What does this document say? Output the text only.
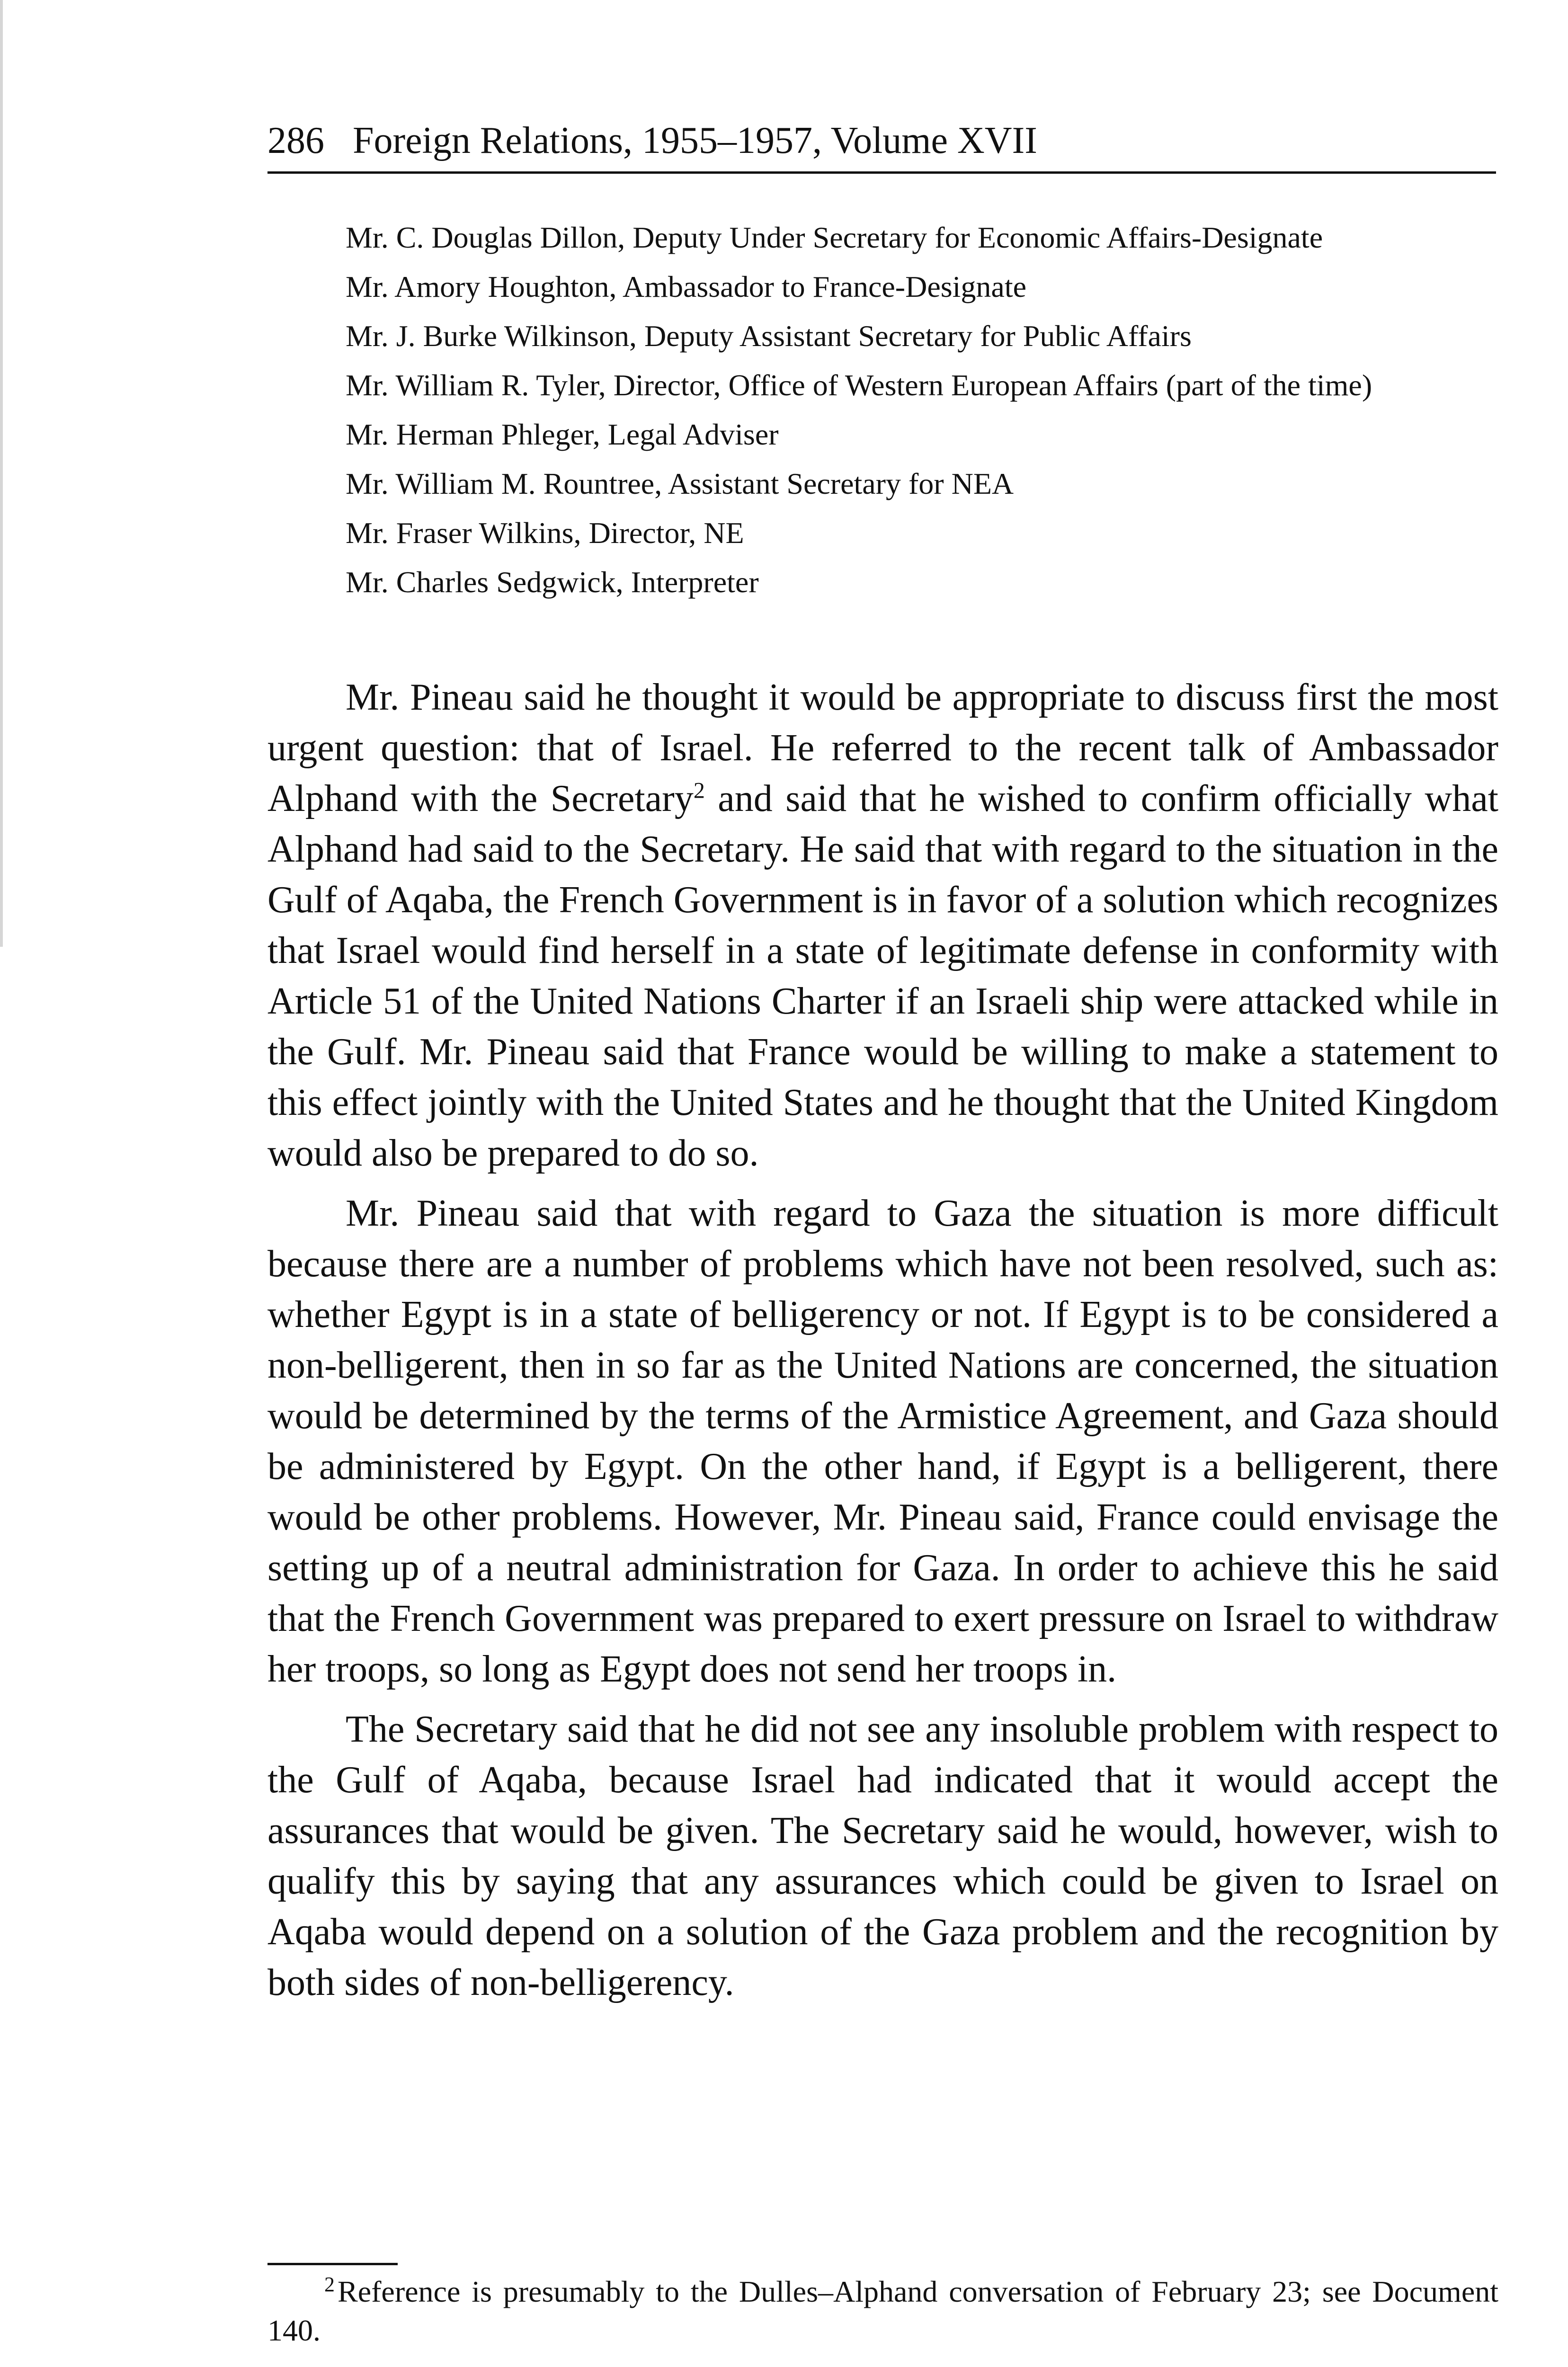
286 Foreign Relations, 1955–1957, Volume XVII
Mr. C. Douglas Dillon, Deputy Under Secretary for Economic Affairs-Designate
Mr. Amory Houghton, Ambassador to France-Designate
Mr. J. Burke Wilkinson, Deputy Assistant Secretary for Public Affairs
Mr. William R. Tyler, Director, Office of Western European Affairs (part of the time)
Mr. Herman Phleger, Legal Adviser
Mr. William M. Rountree, Assistant Secretary for NEA
Mr. Fraser Wilkins, Director, NE
Mr. Charles Sedgwick, Interpreter

Mr. Pineau said he thought it would be appropriate to discuss first the most urgent question: that of Israel. He referred to the recent talk of Ambassador Alphand with the Secretary$^2$ and said that he wished to confirm officially what Alphand had said to the Secretary. He said that with regard to the situation in the Gulf of Aqaba, the French Government is in favor of a solution which recognizes that Israel would find herself in a state of legitimate defense in conformity with Article 51 of the United Nations Charter if an Israeli ship were attacked while in the Gulf. Mr. Pineau said that France would be willing to make a statement to this effect jointly with the United States and he thought that the United Kingdom would also be prepared to do so.

Mr. Pineau said that with regard to Gaza the situation is more difficult because there are a number of problems which have not been resolved, such as: whether Egypt is in a state of belligerency or not. If Egypt is to be considered a non-belligerent, then in so far as the United Nations are concerned, the situation would be determined by the terms of the Armistice Agreement, and Gaza should be administered by Egypt. On the other hand, if Egypt is a belligerent, there would be other problems. However, Mr. Pineau said, France could envisage the setting up of a neutral administration for Gaza. In order to achieve this he said that the French Government was prepared to exert pressure on Israel to withdraw her troops, so long as Egypt does not send her troops in.

The Secretary said that he did not see any insoluble problem with respect to the Gulf of Aqaba, because Israel had indicated that it would accept the assurances that would be given. The Secretary said he would, however, wish to qualify this by saying that any assurances which could be given to Israel on Aqaba would depend on a solution of the Gaza problem and the recognition by both sides of non-belligerency.

$^2$Reference is presumably to the Dulles–Alphand conversation of February 23; see Document 140.
